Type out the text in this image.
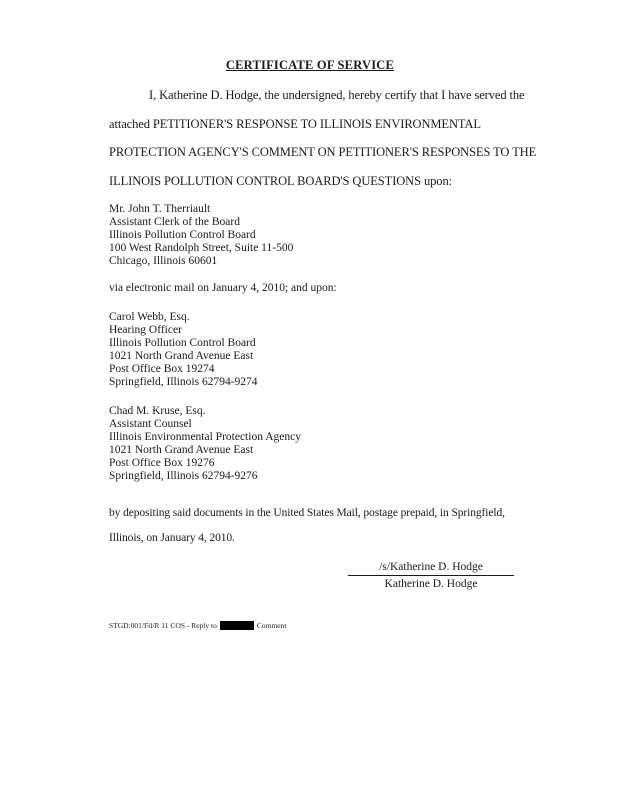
CERTIFICATE OF SERVICE
I, Katherine D. Hodge, the undersigned, hereby certify that I have served the
attached PETITIONER'S RESPONSE TO ILLINOIS ENVIRONMENTAL
PROTECTION AGENCY'S COMMENT ON PETITIONER'S RESPONSES TO THE
ILLINOIS POLLUTION CONTROL BOARD'S QUESTIONS upon:
Mr. John T. Therriault
Assistant Clerk of the Board
Illinois Pollution Control Board
100 West Randolph Street, Suite 11-500
Chicago, Illinois 60601
via electronic mail on January 4, 2010; and upon:
Carol Webb, Esq.
Hearing Officer
Illinois Pollution Control Board
1021 North Grand Avenue East
Post Office Box 19274
Springfield, Illinois 62794-9274
Chad M. Kruse, Esq.
Assistant Counsel
Illinois Environmental Protection Agency
1021 North Grand Avenue East
Post Office Box 19276
Springfield, Illinois 62794-9276
by depositing said documents in the United States Mail, postage prepaid, in Springfield,
Illinois, on January 4, 2010.
/s/Katherine D. Hodge
Katherine D. Hodge
STGD:001/Fil/R 11 COS - Reply to	Comment
